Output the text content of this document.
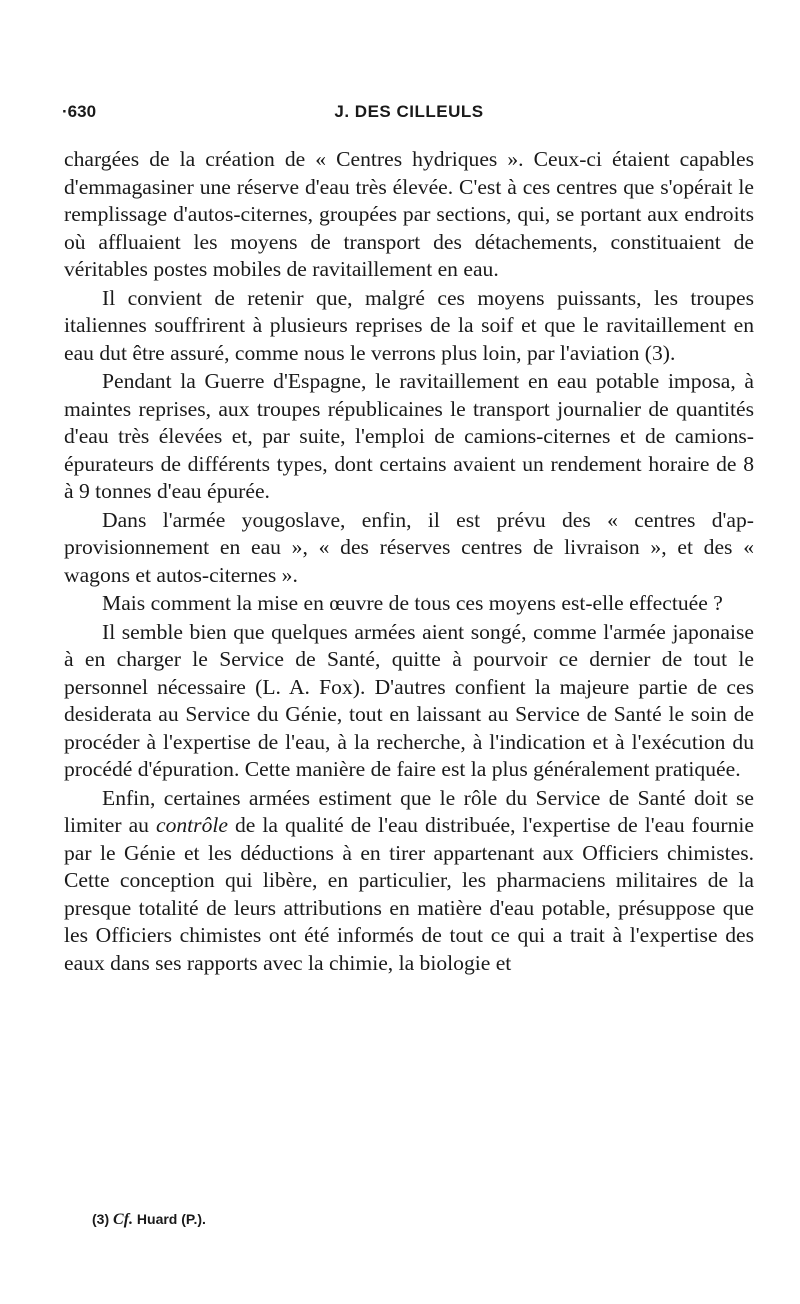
·630	J. DES CILLEULS

chargées de la création de « Centres hydriques ». Ceux-ci étaient capables d'emmagasiner une réserve d'eau très élevée. C'est à ces centres que s'opérait le remplissage d'autos-citernes, groupées par sections, qui, se portant aux endroits où affluaient les moyens de transport des détachements, constituaient de véritables postes mobiles de ravitaillement en eau.

Il convient de retenir que, malgré ces moyens puissants, les troupes italiennes souffrirent à plusieurs reprises de la soif et que le ravitaillement en eau dut être assuré, comme nous le verrons plus loin, par l'aviation (3).

Pendant la Guerre d'Espagne, le ravitaillement en eau potable imposa, à maintes reprises, aux troupes républicaines le transport journalier de quantités d'eau très élevées et, par suite, l'emploi de camions-citernes et de camions-épurateurs de différents types, dont certains avaient un rendement horaire de 8 à 9 tonnes d'eau épurée.

Dans l'armée yougoslave, enfin, il est prévu des « centres d'approvisionnement en eau », « des réserves centres de livraison », et des « wagons et autos-citernes ».

Mais comment la mise en œuvre de tous ces moyens est-elle effectuée ?

Il semble bien que quelques armées aient songé, comme l'armée japonaise à en charger le Service de Santé, quitte à pourvoir ce dernier de tout le personnel nécessaire (L. A. Fox). D'autres confient la majeure partie de ces desiderata au Service du Génie, tout en laissant au Service de Santé le soin de procéder à l'expertise de l'eau, à la recherche, à l'indication et à l'exécution du procédé d'épuration. Cette manière de faire est la plus généralement pratiquée.

Enfin, certaines armées estiment que le rôle du Service de Santé doit se limiter au contrôle de la qualité de l'eau distribuée, l'expertise de l'eau fournie par le Génie et les déductions à en tirer appartenant aux Officiers chimistes. Cette conception qui libère, en particulier, les pharmaciens militaires de la presque totalité de leurs attributions en matière d'eau potable, présuppose que les Officiers chimistes ont été informés de tout ce qui a trait à l'expertise des eaux dans ses rapports avec la chimie, la biologie et

(3) Cf. Huard (P.).
